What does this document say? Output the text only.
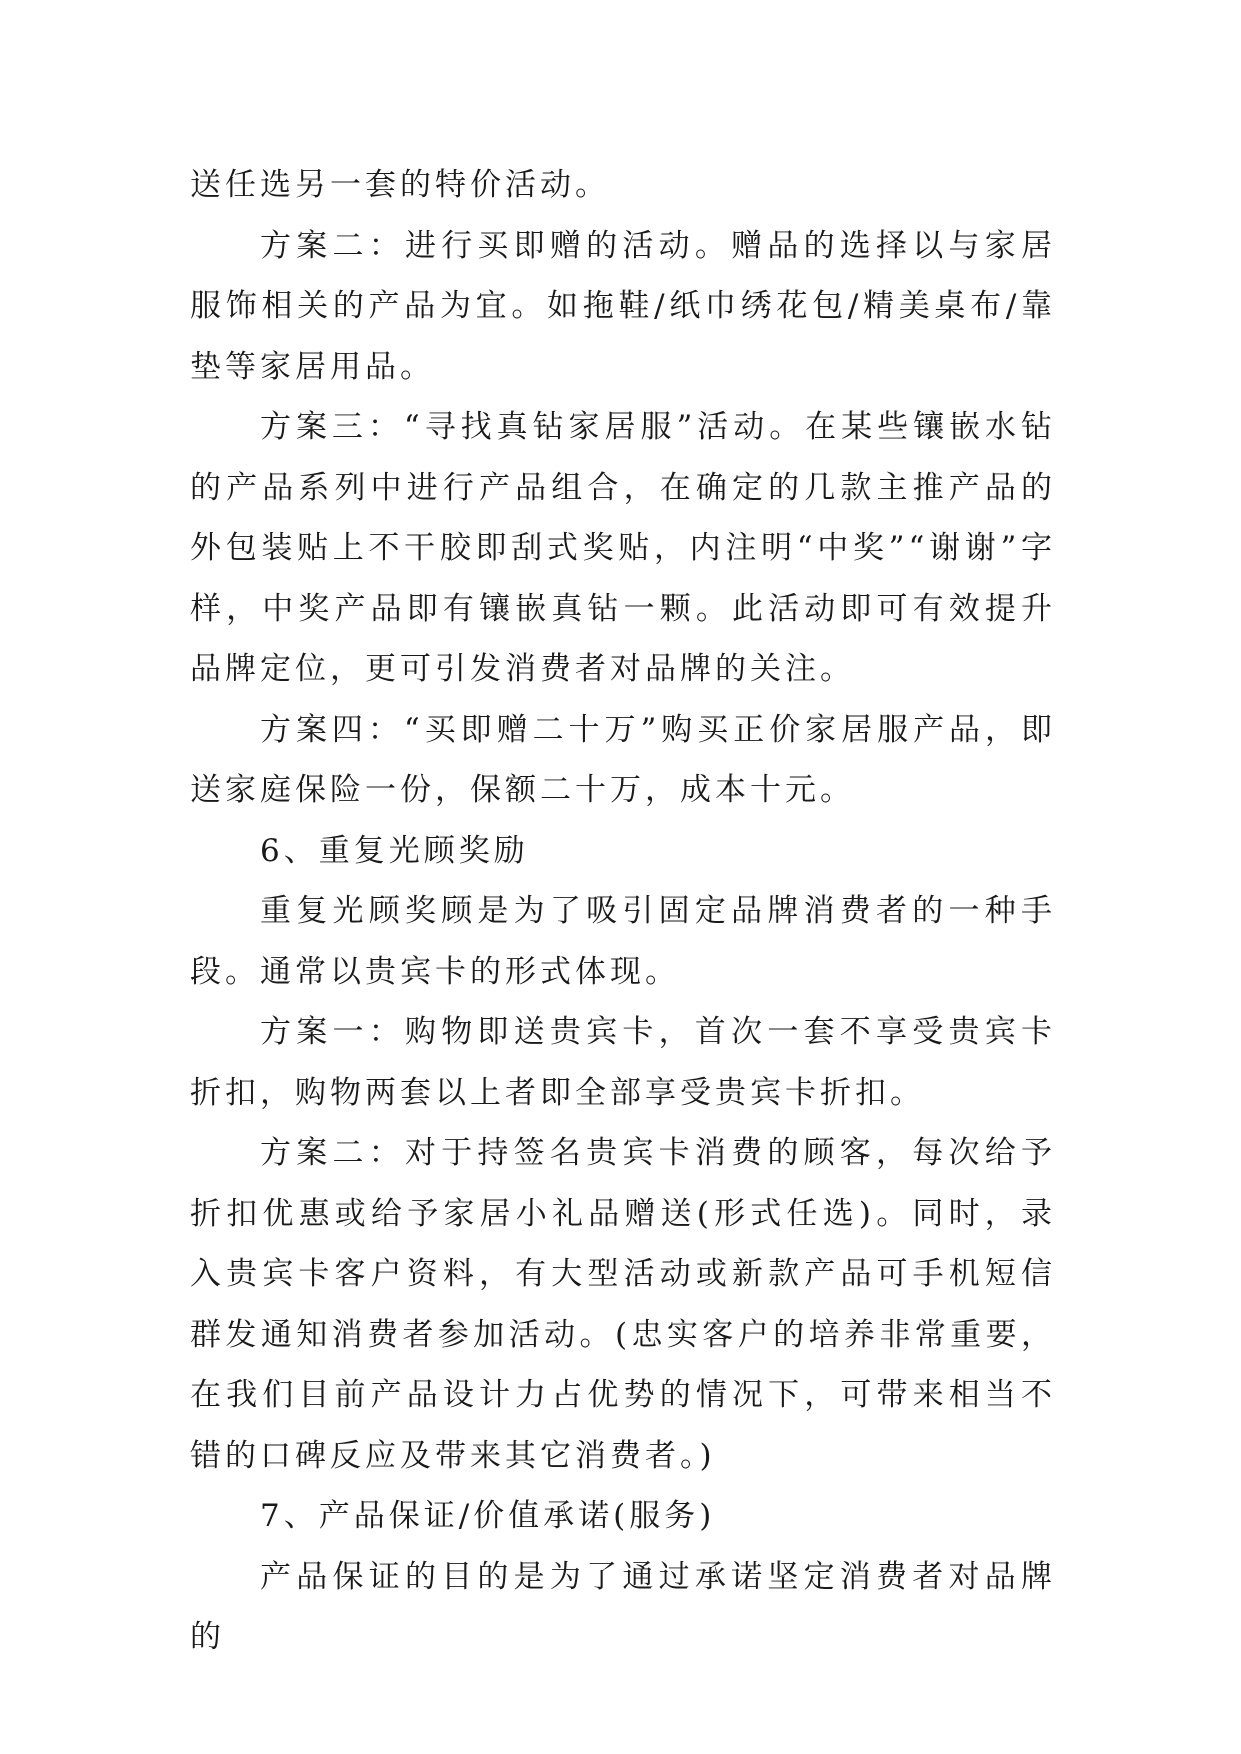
送任选另一套的特价活动。

方案二：进行买即赠的活动。赠品的选择以与家居服饰相关的产品为宜。如拖鞋/纸巾绣花包/精美桌布/靠垫等家居用品。

方案三：“寻找真钻家居服”活动。在某些镶嵌水钻的产品系列中进行产品组合，在确定的几款主推产品的外包装贴上不干胶即刮式奖贴，内注明“中奖”“谢谢”字样，中奖产品即有镶嵌真钻一颗。此活动即可有效提升品牌定位，更可引发消费者对品牌的关注。

方案四：“买即赠二十万”购买正价家居服产品，即送家庭保险一份，保额二十万，成本十元。

6、重复光顾奖励

重复光顾奖顾是为了吸引固定品牌消费者的一种手段。通常以贵宾卡的形式体现。

方案一：购物即送贵宾卡，首次一套不享受贵宾卡折扣，购物两套以上者即全部享受贵宾卡折扣。

方案二：对于持签名贵宾卡消费的顾客，每次给予折扣优惠或给予家居小礼品赠送(形式任选)。同时，录入贵宾卡客户资料，有大型活动或新款产品可手机短信群发通知消费者参加活动。(忠实客户的培养非常重要，在我们目前产品设计力占优势的情况下，可带来相当不错的口碑反应及带来其它消费者。)

7、产品保证/价值承诺(服务)

产品保证的目的是为了通过承诺坚定消费者对品牌的
